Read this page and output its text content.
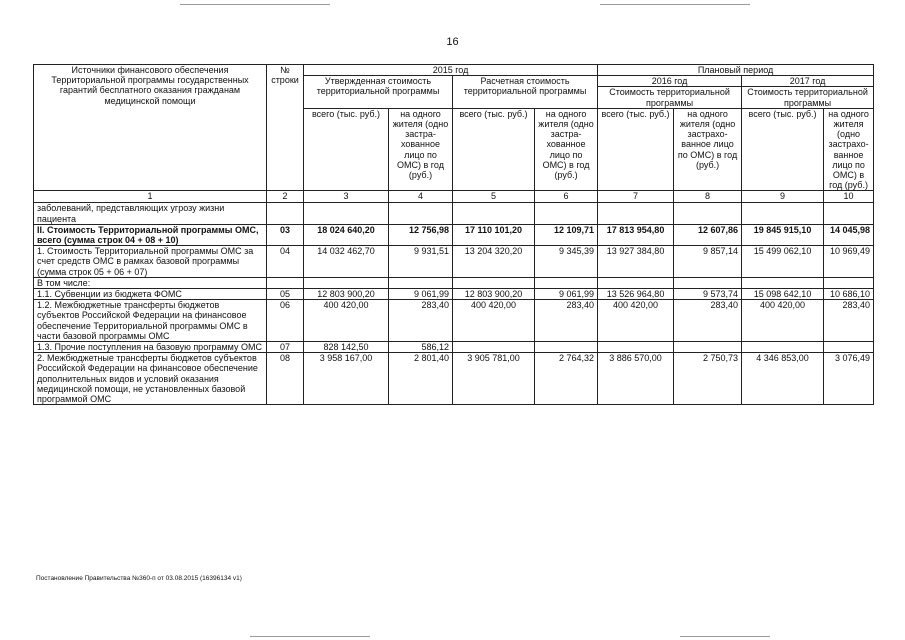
16
Источники финансового обеспечения Территориальной программы государственных гарантий бесплатного оказания гражданам медицинской помощи	№ строки	2015 год				Плановый период			
		Утвержденная стоимость территориальной программы		Расчетная стоимость территориальной программы		2016 год		2017 год	
						Стоимость территориальной программы		Стоимость территориальной программы	
		всего (тыс. руб.)	на одного жителя (одно застра-хованное лицо по ОМС) в год (руб.)	всего (тыс. руб.)	на одного жителя (одно застра-хованное лицо по ОМС) в год (руб.)	всего (тыс. руб.)	на одного жителя (одно застрахо-ванное лицо по ОМС) в год (руб.)	всего (тыс. руб.)	на одного жителя (одно застрахо-ванное лицо по ОМС) в год (руб.)
1	2	3	4	5	6	7	8	9	10
заболеваний, представляющих угрозу жизни пациента									
II. Стоимость Территориальной программы ОМС, всего (сумма строк 04 + 08 + 10)	03	18 024 640,20	12 756,98	17 110 101,20	12 109,71	17 813 954,80	12 607,86	19 845 915,10	14 045,98
1. Стоимость Территориальной программы ОМС за счет средств ОМС в рамках базовой программы (сумма строк 05 + 06 + 07)	04	14 032 462,70	9 931,51	13 204 320,20	9 345,39	13 927 384,80	9 857,14	15 499 062,10	10 969,49
В том числе:									
1.1. Субвенции из бюджета ФОМС	05	12 803 900,20	9 061,99	12 803 900,20	9 061,99	13 526 964,80	9 573,74	15 098 642,10	10 686,10
1.2. Межбюджетные трансферты бюджетов субъектов Российской Федерации на финансовое обеспечение Территориальной программы ОМС в части базовой программы ОМС	06	400 420,00	283,40	400 420,00	283,40	400 420,00	283,40	400 420,00	283,40
1.3. Прочие поступления на базовую программу ОМС	07	828 142,50	586,12						
2. Межбюджетные трансферты бюджетов субъектов Российской Федерации на финансовое обеспечение дополнительных видов и условий оказания медицинской помощи, не установленных базовой программой ОМС	08	3 958 167,00	2 801,40	3 905 781,00	2 764,32	3 886 570,00	2 750,73	4 346 853,00	3 076,49
Постановление Правительства №360-п от 03.08.2015 (16396134 v1)
